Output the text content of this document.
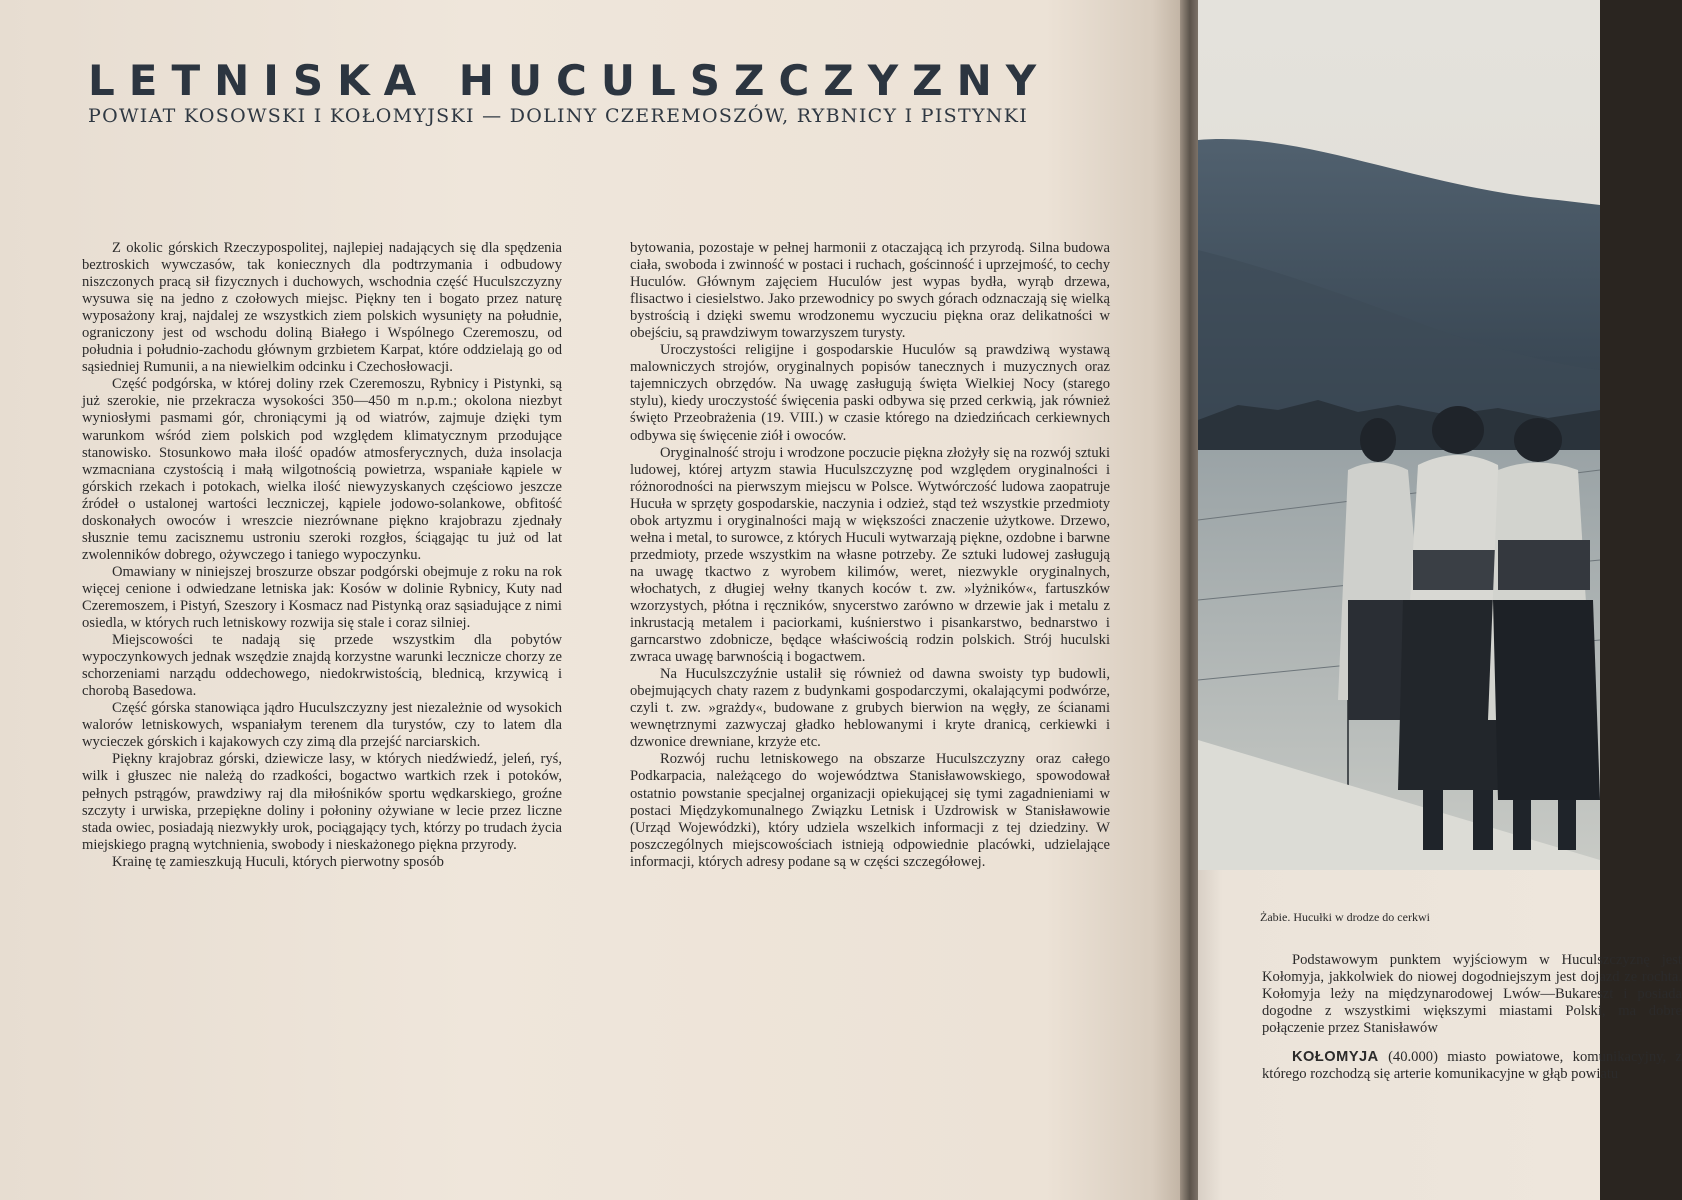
LETNISKA HUCULSZCZYZNY
POWIAT KOSOWSKI I KOŁOMYJSKI — DOLINY CZEREMOSZÓW, RYBNICY I PISTYNKI

Z okolic górskich Rzeczypospolitej, najlepiej nadających się dla spędzenia beztroskich wywczasów, tak koniecznych dla podtrzymania i odbudowy niszczonych pracą sił fizycznych i duchowych, wschodnia część Huculszczyzny wysuwa się na jedno z czołowych miejsc. Piękny ten i bogato przez naturę wyposażony kraj, najdalej ze wszystkich ziem polskich wysunięty na południe, ograniczony jest od wschodu doliną Białego i Wspólnego Czeremoszu, od południa i południo-zachodu głównym grzbietem Karpat, które oddzielają go od sąsiedniej Rumunii, a na niewielkim odcinku i Czechosłowacji.

Część podgórska, w której doliny rzek Czeremoszu, Rybnicy i Pistynki, są już szerokie, nie przekracza wysokości 350—450 m n.p.m.; okolona niezbyt wyniosłymi pasmami gór, chroniącymi ją od wiatrów, zajmuje dzięki tym warunkom wśród ziem polskich pod względem klimatycznym przodujące stanowisko. Stosunkowo mała ilość opadów atmosferycznych, duża insolacja wzmacniana czystością i małą wilgotnością powietrza, wspaniałe kąpiele w górskich rzekach i potokach, wielka ilość niewyzyskanych częściowo jeszcze źródeł o ustalonej wartości leczniczej, kąpiele jodowo-solankowe, obfitość doskonałych owoców i wreszcie niezrównane piękno krajobrazu zjednały słusznie temu zacisznemu ustroniu szeroki rozgłos, ściągając tu już od lat zwolenników dobrego, ożywczego i taniego wypoczynku.

Omawiany w niniejszej broszurze obszar podgórski obejmuje z roku na rok więcej cenione i odwiedzane letniska jak: Kosów w dolinie Rybnicy, Kuty nad Czeremoszem, i Pistyń, Szeszory i Kosmacz nad Pistynką oraz sąsiadujące z nimi osiedla, w których ruch letniskowy rozwija się stale i coraz silniej.

Miejscowości te nadają się przede wszystkim dla pobytów wypoczynkowych jednak wszędzie znajdą korzystne warunki lecznicze chorzy ze schorzeniami narządu oddechowego, niedokrwistością, blednicą, krzywicą i chorobą Basedowa.

Część górska stanowiąca jądro Huculszczyzny jest niezależnie od wysokich walorów letniskowych, wspaniałym terenem dla turystów, czy to latem dla wycieczek górskich i kajakowych czy zimą dla przejść narciarskich.

Piękny krajobraz górski, dziewicze lasy, w których niedźwiedź, jeleń, ryś, wilk i głuszec nie należą do rzadkości, bogactwo wartkich rzek i potoków, pełnych pstrągów, prawdziwy raj dla miłośników sportu wędkarskiego, groźne szczyty i urwiska, przepiękne doliny i połoniny ożywiane w lecie przez liczne stada owiec, posiadają niezwykły urok, pociągający tych, którzy po trudach życia miejskiego pragną wytchnienia, swobody i nieskażonego piękna przyrody.

Krainę tę zamieszkują Huculi, których pierwotny sposób

bytowania, pozostaje w pełnej harmonii z otaczającą ich przyrodą. Silna budowa ciała, swoboda i zwinność w postaci i ruchach, gościnność i uprzejmość, to cechy Huculów. Głównym zajęciem Huculów jest wypas bydła, wyrąb drzewa, flisactwo i ciesielstwo. Jako przewodnicy po swych górach odznaczają się wielką bystrością i dzięki swemu wrodzonemu wyczuciu piękna oraz delikatności w obejściu, są prawdziwym towarzyszem turysty.

Uroczystości religijne i gospodarskie Huculów są prawdziwą wystawą malowniczych strojów, oryginalnych popisów tanecznych i muzycznych oraz tajemniczych obrzędów. Na uwagę zasługują święta Wielkiej Nocy (starego stylu), kiedy uroczystość święcenia paski odbywa się przed cerkwią, jak również święto Przeobrażenia (19. VIII.) w czasie którego na dziedzińcach cerkiewnych odbywa się święcenie ziół i owoców.

Oryginalność stroju i wrodzone poczucie piękna złożyły się na rozwój sztuki ludowej, której artyzm stawia Huculszczyznę pod względem oryginalności i różnorodności na pierwszym miejscu w Polsce. Wytwórczość ludowa zaopatruje Hucuła w sprzęty gospodarskie, naczynia i odzież, stąd też wszystkie przedmioty obok artyzmu i oryginalności mają w większości znaczenie użytkowe. Drzewo, wełna i metal, to surowce, z których Huculi wytwarzają piękne, ozdobne i barwne przedmioty, przede wszystkim na własne potrzeby. Ze sztuki ludowej zasługują na uwagę tkactwo z wyrobem kilimów, weret, niezwykle oryginalnych, włochatych, z długiej wełny tkanych koców t. zw. »lyżników«, fartuszków wzorzystych, płótna i ręczników, snycerstwo zarówno w drzewie jak i metalu z inkrustacją metalem i paciorkami, kuśnierstwo i pisankarstwo, bednarstwo i garncarstwo zdobnicze, będące właściwością rodzin polskich. Strój huculski zwraca uwagę barwnością i bogactwem.

Na Huculszczyźnie ustalił się również od dawna swoisty typ budowli, obejmujących chaty razem z budynkami gospodarczymi, okalającymi podwórze, czyli t. zw. »grażdy«, budowane z grubych bierwion na węgły, ze ścianami wewnętrznymi zazwyczaj gładko heblowanymi i kryte dranicą, cerkiewki i dzwonice drewniane, krzyże etc.

Rozwój ruchu letniskowego na obszarze Huculszczyzny oraz całego Podkarpacia, należącego do województwa Stanisławowskiego, spowodował ostatnio powstanie specjalnej organizacji opiekującej się tymi zagadnieniami w postaci Międzykomunalnego Związku Letnisk i Uzdrowisk w Stanisławowie (Urząd Wojewódzki), który udziela wszelkich informacji z tej dziedziny. W poszczególnych miejscowościach istnieją odpowiednie placówki, udzielające informacji, których adresy podane są w części szczegółowej.

Żabie. Hucułki w drodze do cerkwi

Podstawowym punktem wyjściowym w Huculszczyznę jest Kołomyja, jakkolwiek do niowej dogodniejszym jest dojazd ze rochta. Kołomyja leży na międzynarodowej Lwów—Bukareszt i posiada dogodne z wszystkimi większymi miastami Polski, ma dobre połączenie przez Stanisławów

KOŁOMYJA (40.000) miasto powiatowe, komunikacyjny, z którego rozchodzą się arterie komunikacyjne w głąb powiatu
